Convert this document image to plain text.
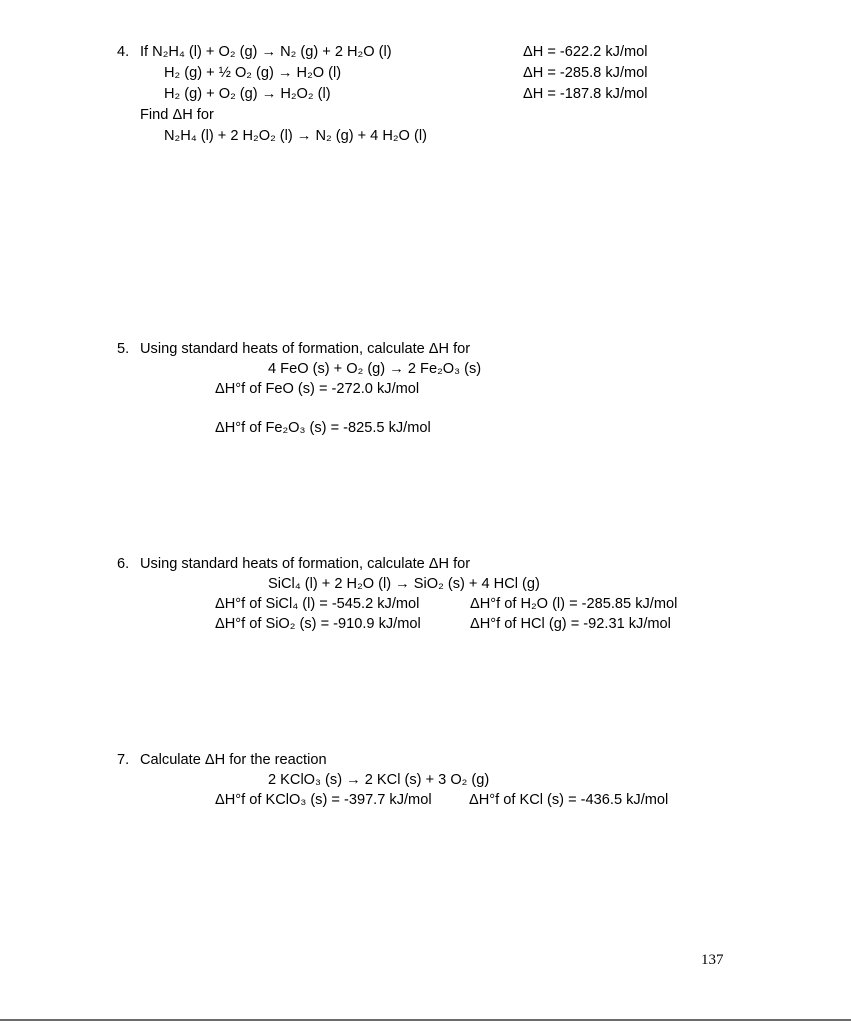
4. If N₂H₄ (l) + O₂ (g) → N₂ (g) + 2 H₂O (l)	ΔH = -622.2 kJ/mol
H₂ (g) + ½ O₂ (g) → H₂O (l)	ΔH = -285.8 kJ/mol
H₂ (g) + O₂ (g) → H₂O₂ (l)	ΔH = -187.8 kJ/mol
Find ΔH for
N₂H₄ (l) + 2 H₂O₂ (l) → N₂ (g) + 4 H₂O (l)
5. Using standard heats of formation, calculate ΔH for
4 FeO (s) + O₂ (g) → 2 Fe₂O₃ (s)
ΔH°f of FeO (s) = -272.0 kJ/mol
ΔH°f of Fe₂O₃ (s) = -825.5 kJ/mol
6. Using standard heats of formation, calculate ΔH for
SiCl₄ (l) + 2 H₂O (l) → SiO₂ (s) + 4 HCl (g)
ΔH°f of SiCl₄ (l) = -545.2 kJ/mol	ΔH°f of H₂O (l) = -285.85 kJ/mol
ΔH°f of SiO₂ (s) = -910.9 kJ/mol	ΔH°f of HCl (g) = -92.31 kJ/mol
7. Calculate ΔH for the reaction
2 KClO₃ (s) → 2 KCl (s) + 3 O₂ (g)
ΔH°f of KClO₃ (s) = -397.7 kJ/mol	ΔH°f of KCl (s) = -436.5 kJ/mol
137
